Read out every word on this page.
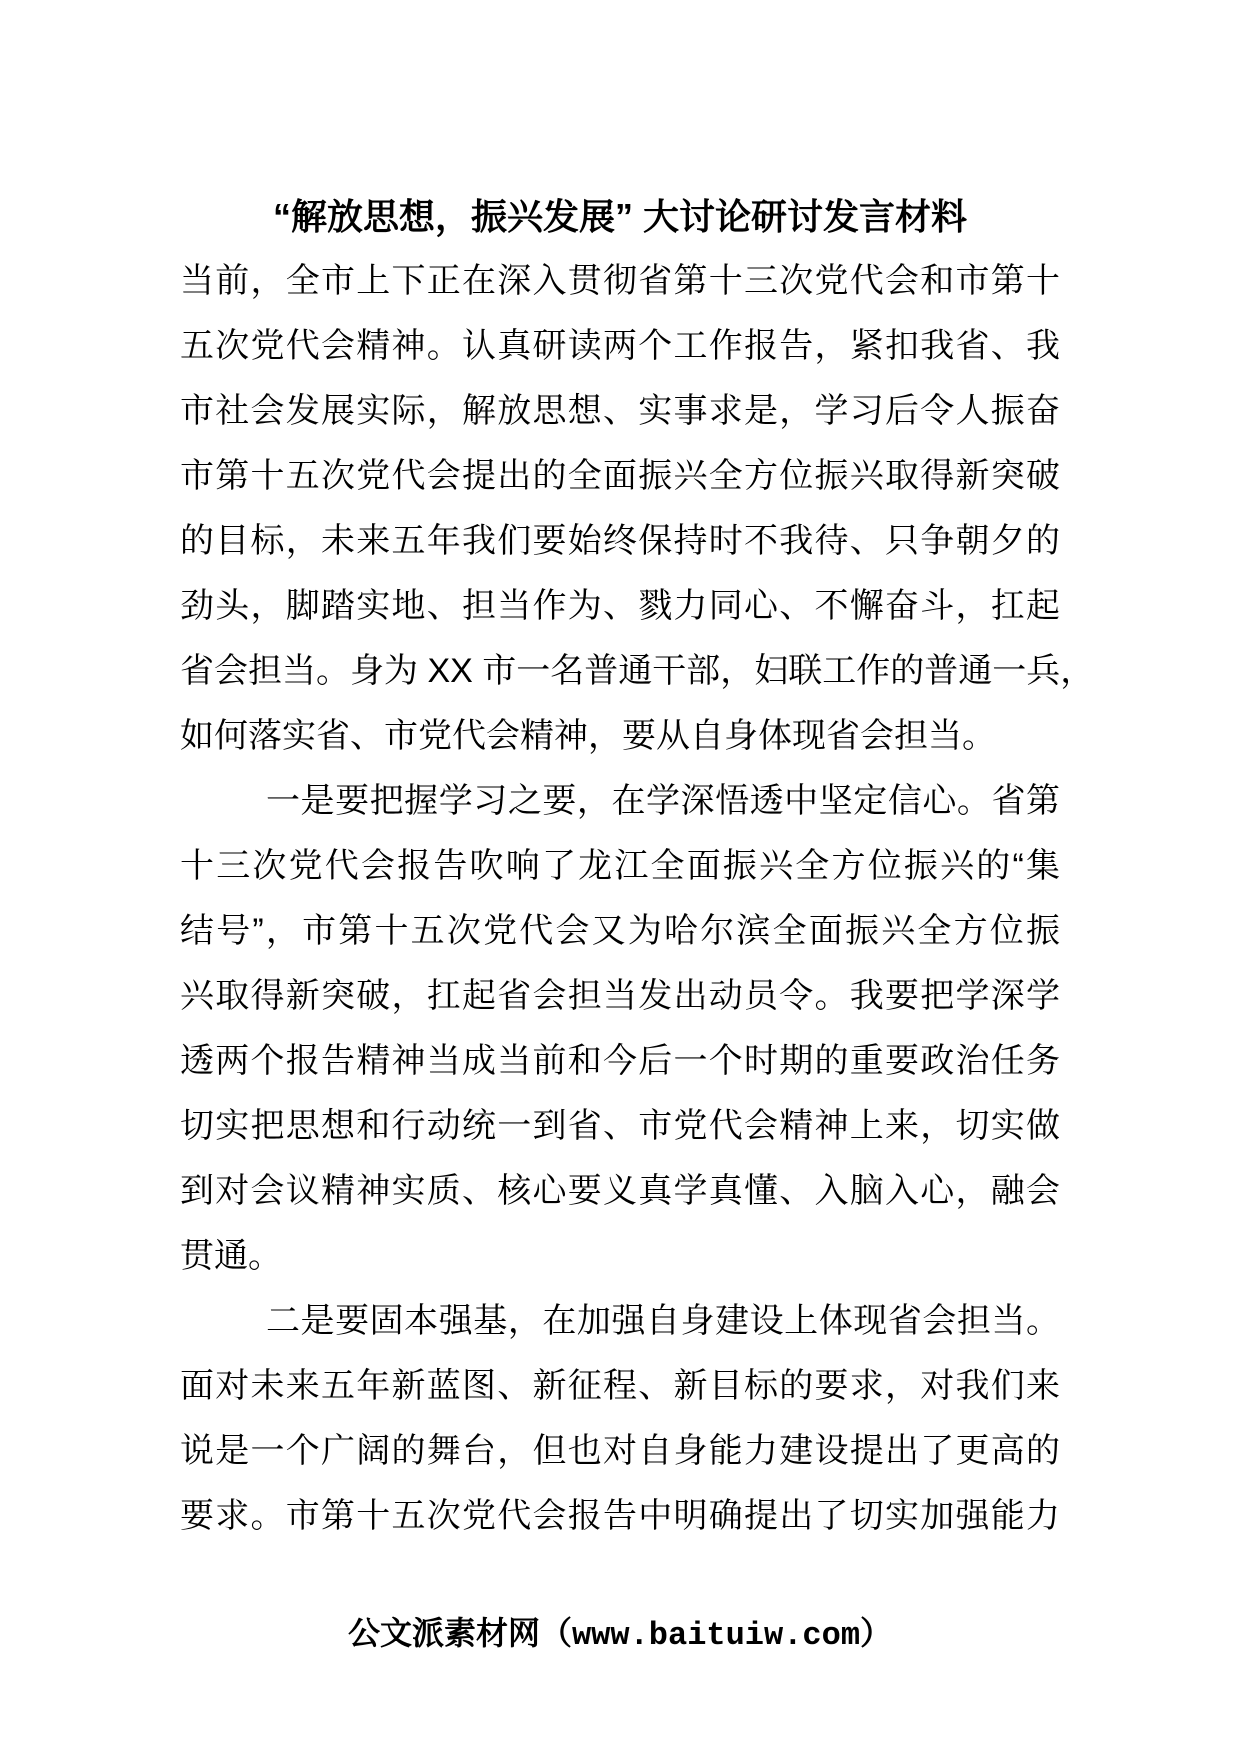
“解放思想，振兴发展” 大讨论研讨发言材料
当前，全市上下正在深入贯彻省第十三次党代会和市第十
五次党代会精神。认真研读两个工作报告，紧扣我省、我
市社会发展实际，解放思想、实事求是，学习后令人振奋
市第十五次党代会提出的全面振兴全方位振兴取得新突破
的目标，未来五年我们要始终保持时不我待、只争朝夕的
劲头，脚踏实地、担当作为、戮力同心、不懈奋斗，扛起
省会担当。身为 XX 市一名普通干部，妇联工作的普通一兵，
如何落实省、市党代会精神，要从自身体现省会担当。
一是要把握学习之要，在学深悟透中坚定信心。省第
十三次党代会报告吹响了龙江全面振兴全方位振兴的“集
结号”，市第十五次党代会又为哈尔滨全面振兴全方位振
兴取得新突破，扛起省会担当发出动员令。我要把学深学
透两个报告精神当成当前和今后一个时期的重要政治任务
切实把思想和行动统一到省、市党代会精神上来，切实做
到对会议精神实质、核心要义真学真懂、入脑入心，融会
贯通。
二是要固本强基，在加强自身建设上体现省会担当。
面对未来五年新蓝图、新征程、新目标的要求，对我们来
说是一个广阔的舞台，但也对自身能力建设提出了更高的
要求。市第十五次党代会报告中明确提出了切实加强能力
公文派素材网（www.baituiw.com）
